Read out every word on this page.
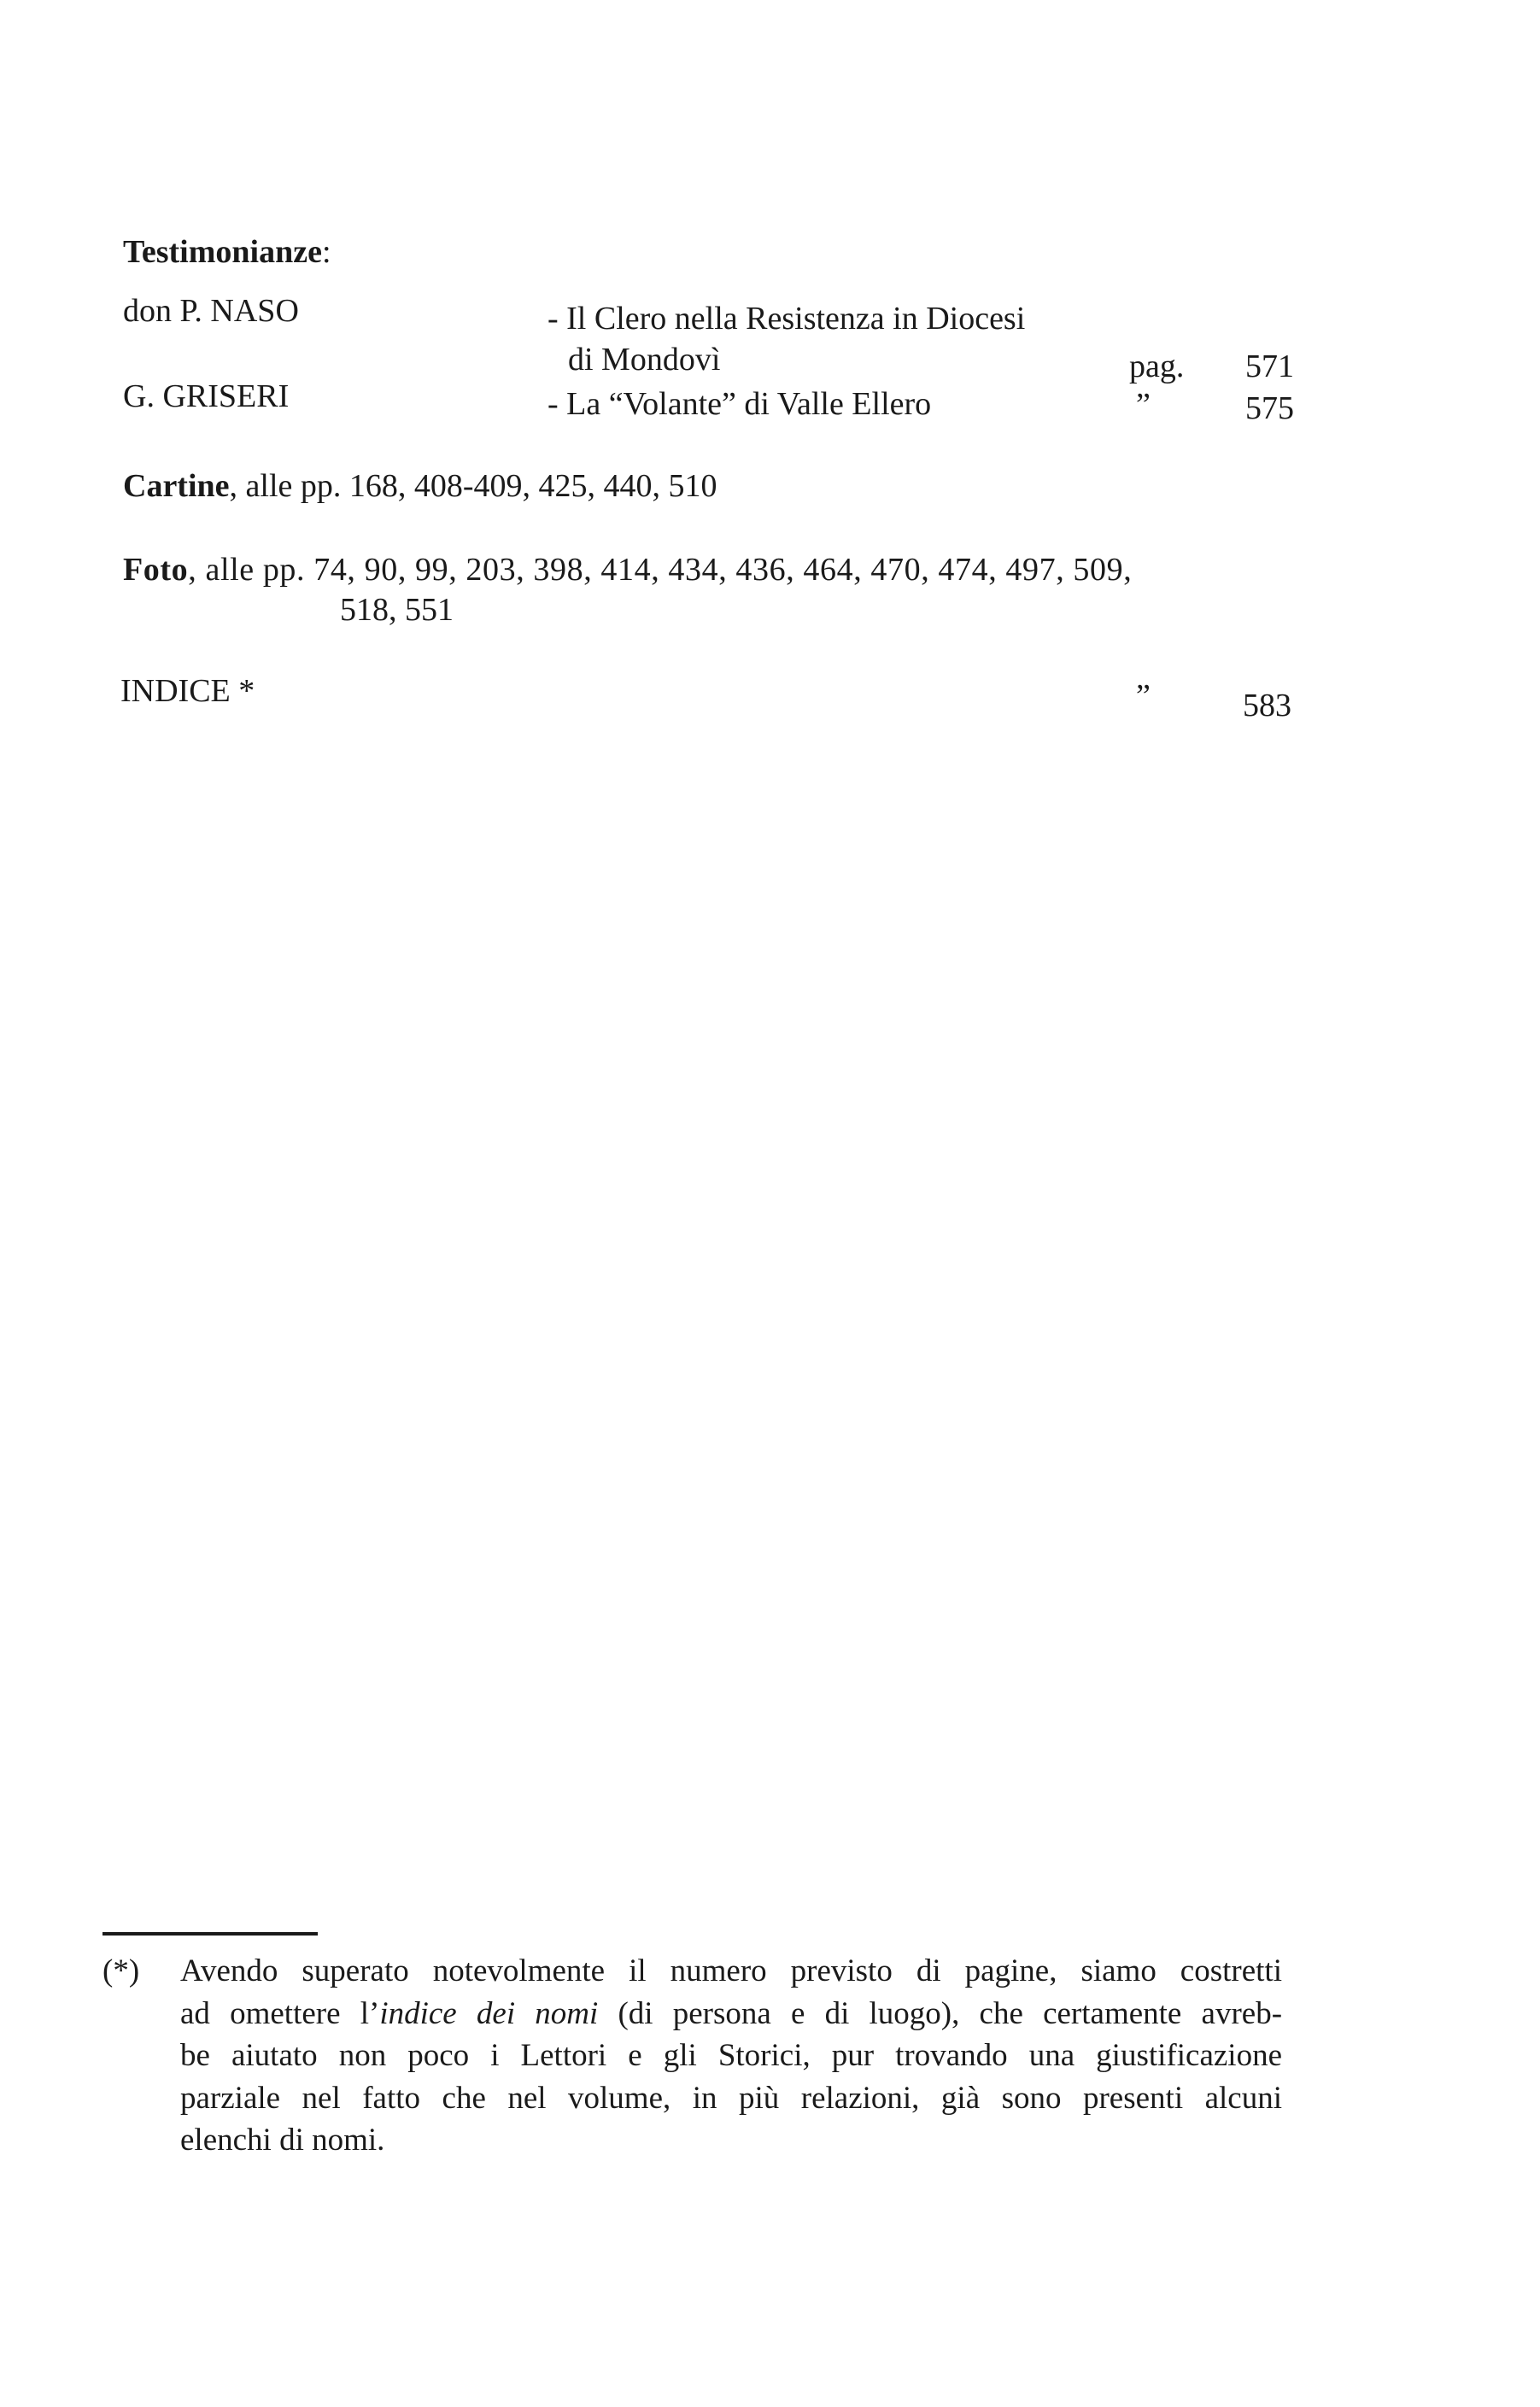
Testimonianze:
don P. NASO	- Il Clero nella Resistenza in Diocesi
di Mondovì	pag. 571
G. GRISERI	- La “Volante” di Valle Ellero	”	575
Cartine, alle pp. 168, 408-409, 425, 440, 510
Foto, alle pp. 74, 90, 99, 203, 398, 414, 434, 436, 464, 470, 474, 497, 509,
518, 551
INDICE *	”	583
(*) Avendo superato notevolmente il numero previsto di pagine, siamo costretti
ad omettere l’indice dei nomi (di persona e di luogo), che certamente avreb-
be aiutato non poco i Lettori e gli Storici, pur trovando una giustificazione
parziale nel fatto che nel volume, in più relazioni, già sono presenti alcuni
elenchi di nomi.
